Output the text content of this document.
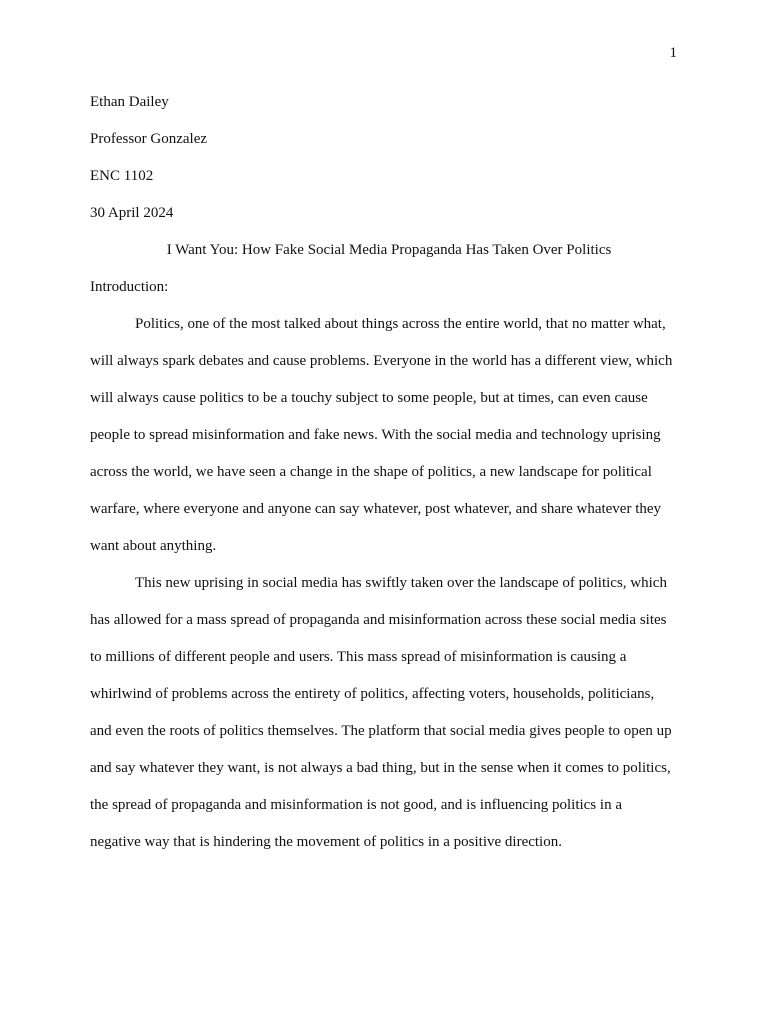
1
Ethan Dailey
Professor Gonzalez
ENC 1102
30 April 2024
I Want You: How Fake Social Media Propaganda Has Taken Over Politics
Introduction:
Politics, one of the most talked about things across the entire world, that no matter what,
will always spark debates and cause problems. Everyone in the world has a different view, which
will always cause politics to be a touchy subject to some people, but at times, can even cause
people to spread misinformation and fake news. With the social media and technology uprising
across the world, we have seen a change in the shape of politics, a new landscape for political
warfare, where everyone and anyone can say whatever, post whatever, and share whatever they
want about anything.
This new uprising in social media has swiftly taken over the landscape of politics, which
has allowed for a mass spread of propaganda and misinformation across these social media sites
to millions of different people and users. This mass spread of misinformation is causing a
whirlwind of problems across the entirety of politics, affecting voters, households, politicians,
and even the roots of politics themselves. The platform that social media gives people to open up
and say whatever they want, is not always a bad thing, but in the sense when it comes to politics,
the spread of propaganda and misinformation is not good, and is influencing politics in a
negative way that is hindering the movement of politics in a positive direction.
